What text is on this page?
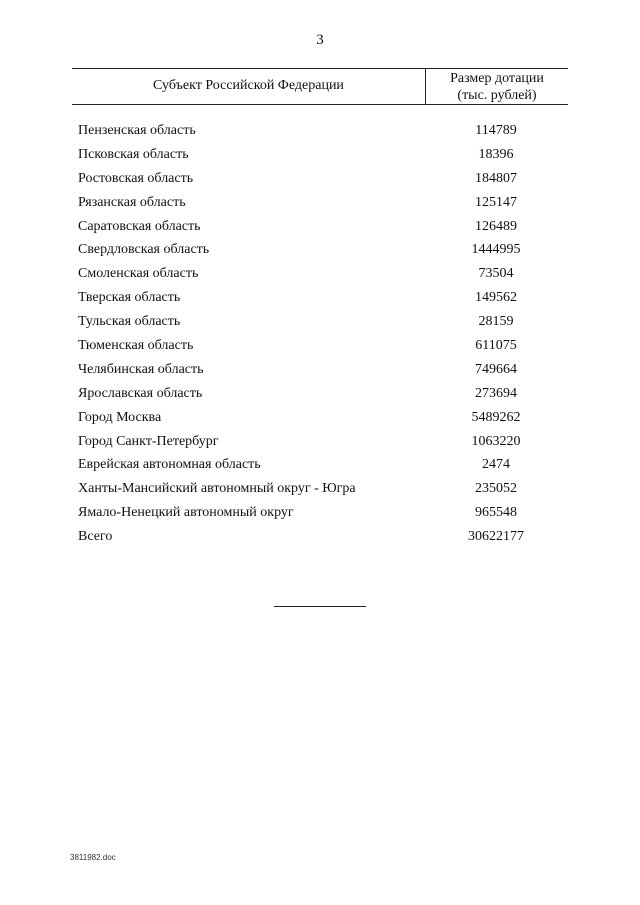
3
Субъект Российской Федерации	Размер дотации
(тыс. рублей)
Пензенская область	114789
Псковская область	18396
Ростовская область	184807
Рязанская область	125147
Саратовская область	126489
Свердловская область	1444995
Смоленская область	73504
Тверская область	149562
Тульская область	28159
Тюменская область	611075
Челябинская область	749664
Ярославская область	273694
Город Москва	5489262
Город Санкт-Петербург	1063220
Еврейская автономная область	2474
Ханты-Мансийский автономный округ - Югра	235052
Ямало-Ненецкий автономный округ	965548
Всего	30622177
3811982.doc
